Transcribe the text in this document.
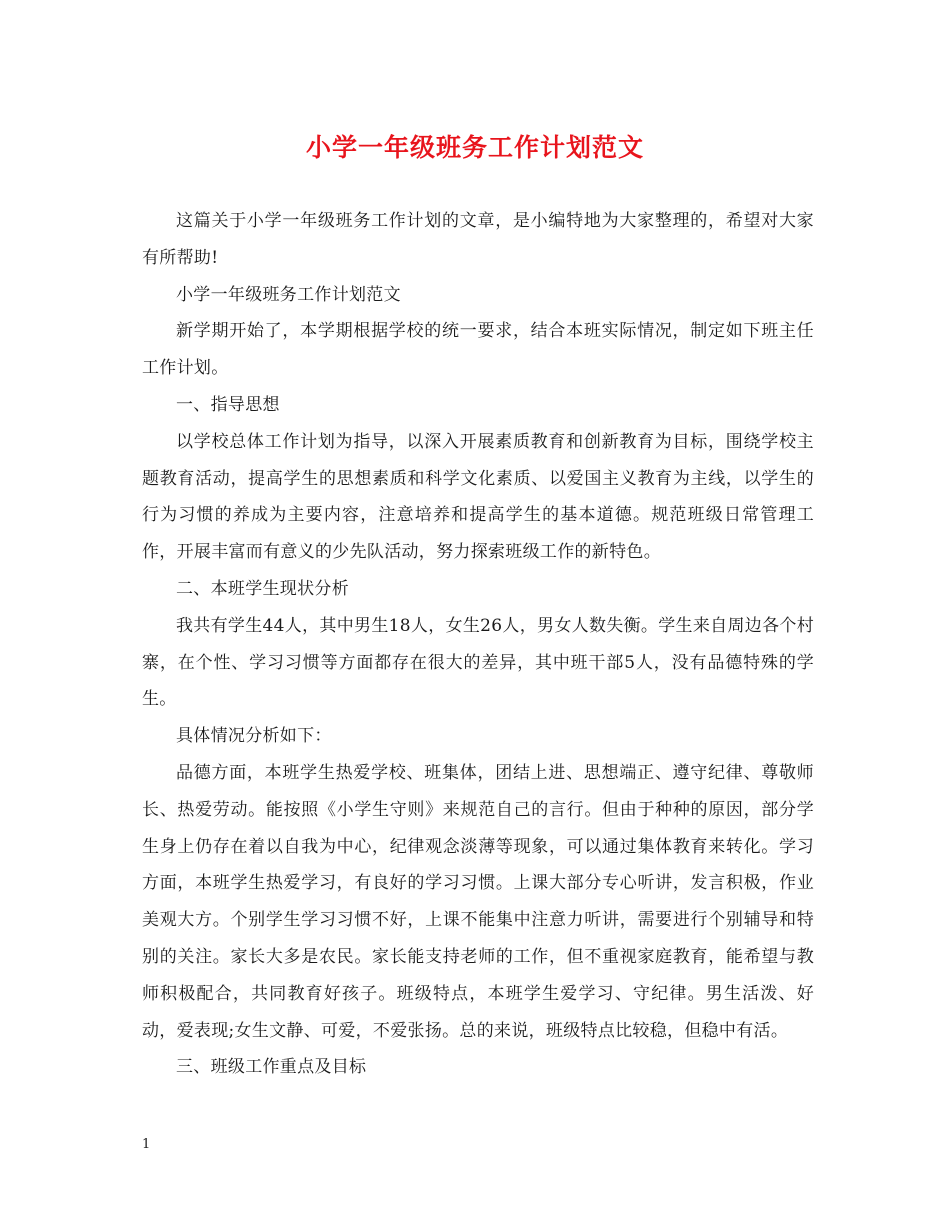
小学一年级班务工作计划范文

这篇关于小学一年级班务工作计划的文章，是小编特地为大家整理的，希望对大家有所帮助!

小学一年级班务工作计划范文

新学期开始了，本学期根据学校的统一要求，结合本班实际情况，制定如下班主任工作计划。

一、指导思想

以学校总体工作计划为指导，以深入开展素质教育和创新教育为目标，围绕学校主题教育活动，提高学生的思想素质和科学文化素质、以爱国主义教育为主线，以学生的行为习惯的养成为主要内容，注意培养和提高学生的基本道德。规范班级日常管理工作，开展丰富而有意义的少先队活动，努力探索班级工作的新特色。

二、本班学生现状分析

我共有学生44人，其中男生18人，女生26人，男女人数失衡。学生来自周边各个村寨，在个性、学习习惯等方面都存在很大的差异，其中班干部5人，没有品德特殊的学生。

具体情况分析如下：

品德方面，本班学生热爱学校、班集体，团结上进、思想端正、遵守纪律、尊敬师长、热爱劳动。能按照《小学生守则》来规范自己的言行。但由于种种的原因，部分学生身上仍存在着以自我为中心，纪律观念淡薄等现象，可以通过集体教育来转化。学习方面，本班学生热爱学习，有良好的学习习惯。上课大部分专心听讲，发言积极，作业美观大方。个别学生学习习惯不好，上课不能集中注意力听讲，需要进行个别辅导和特别的关注。家长大多是农民。家长能支持老师的工作，但不重视家庭教育，能希望与教师积极配合，共同教育好孩子。班级特点，本班学生爱学习、守纪律。男生活泼、好动，爱表现;女生文静、可爱，不爱张扬。总的来说，班级特点比较稳，但稳中有活。

三、班级工作重点及目标

1
